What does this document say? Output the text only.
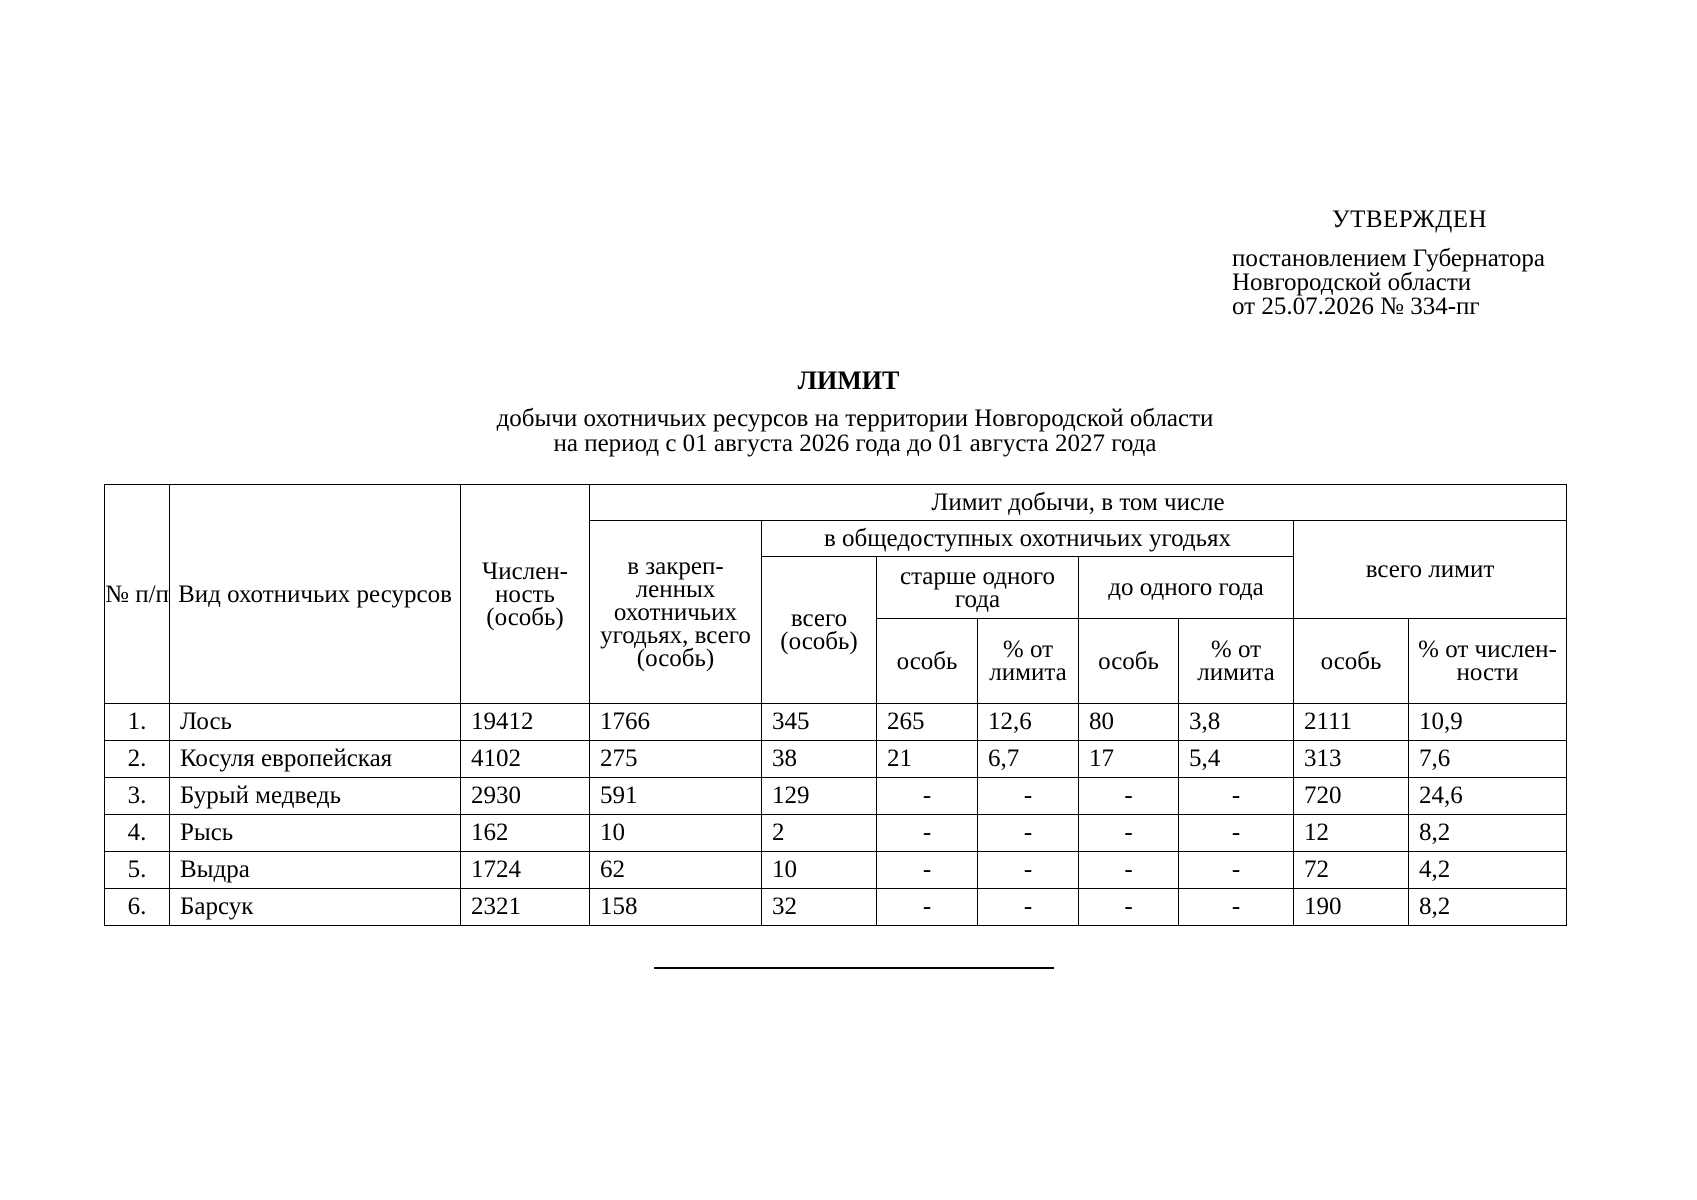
УТВЕРЖДЕН
постановлением Губернатора
Новгородской области
от 25.07.2026 № 334-пг
ЛИМИТ
добычи охотничьих ресурсов на территории Новгородской области
на период с 01 августа 2026 года до 01 августа 2027 года
№ п/п	Вид охотничьих ресурсов	Числен-ность (особь)	Лимит добычи, в том числе							
			в закреп-ленных охотничьих угодьях, всего (особь)	в общедоступных охотничьих угодьях					всего лимит	
				всего (особь)	старше одного года		до одного года			
					особь	% от лимита	особь	% от лимита	особь	% от числен-ности
1.	Лось	19412	1766	345	265	12,6	80	3,8	2111	10,9
2.	Косуля европейская	4102	275	38	21	6,7	17	5,4	313	7,6
3.	Бурый медведь	2930	591	129	-	-	-	-	720	24,6
4.	Рысь	162	10	2	-	-	-	-	12	8,2
5.	Выдра	1724	62	10	-	-	-	-	72	4,2
6.	Барсук	2321	158	32	-	-	-	-	190	8,2
